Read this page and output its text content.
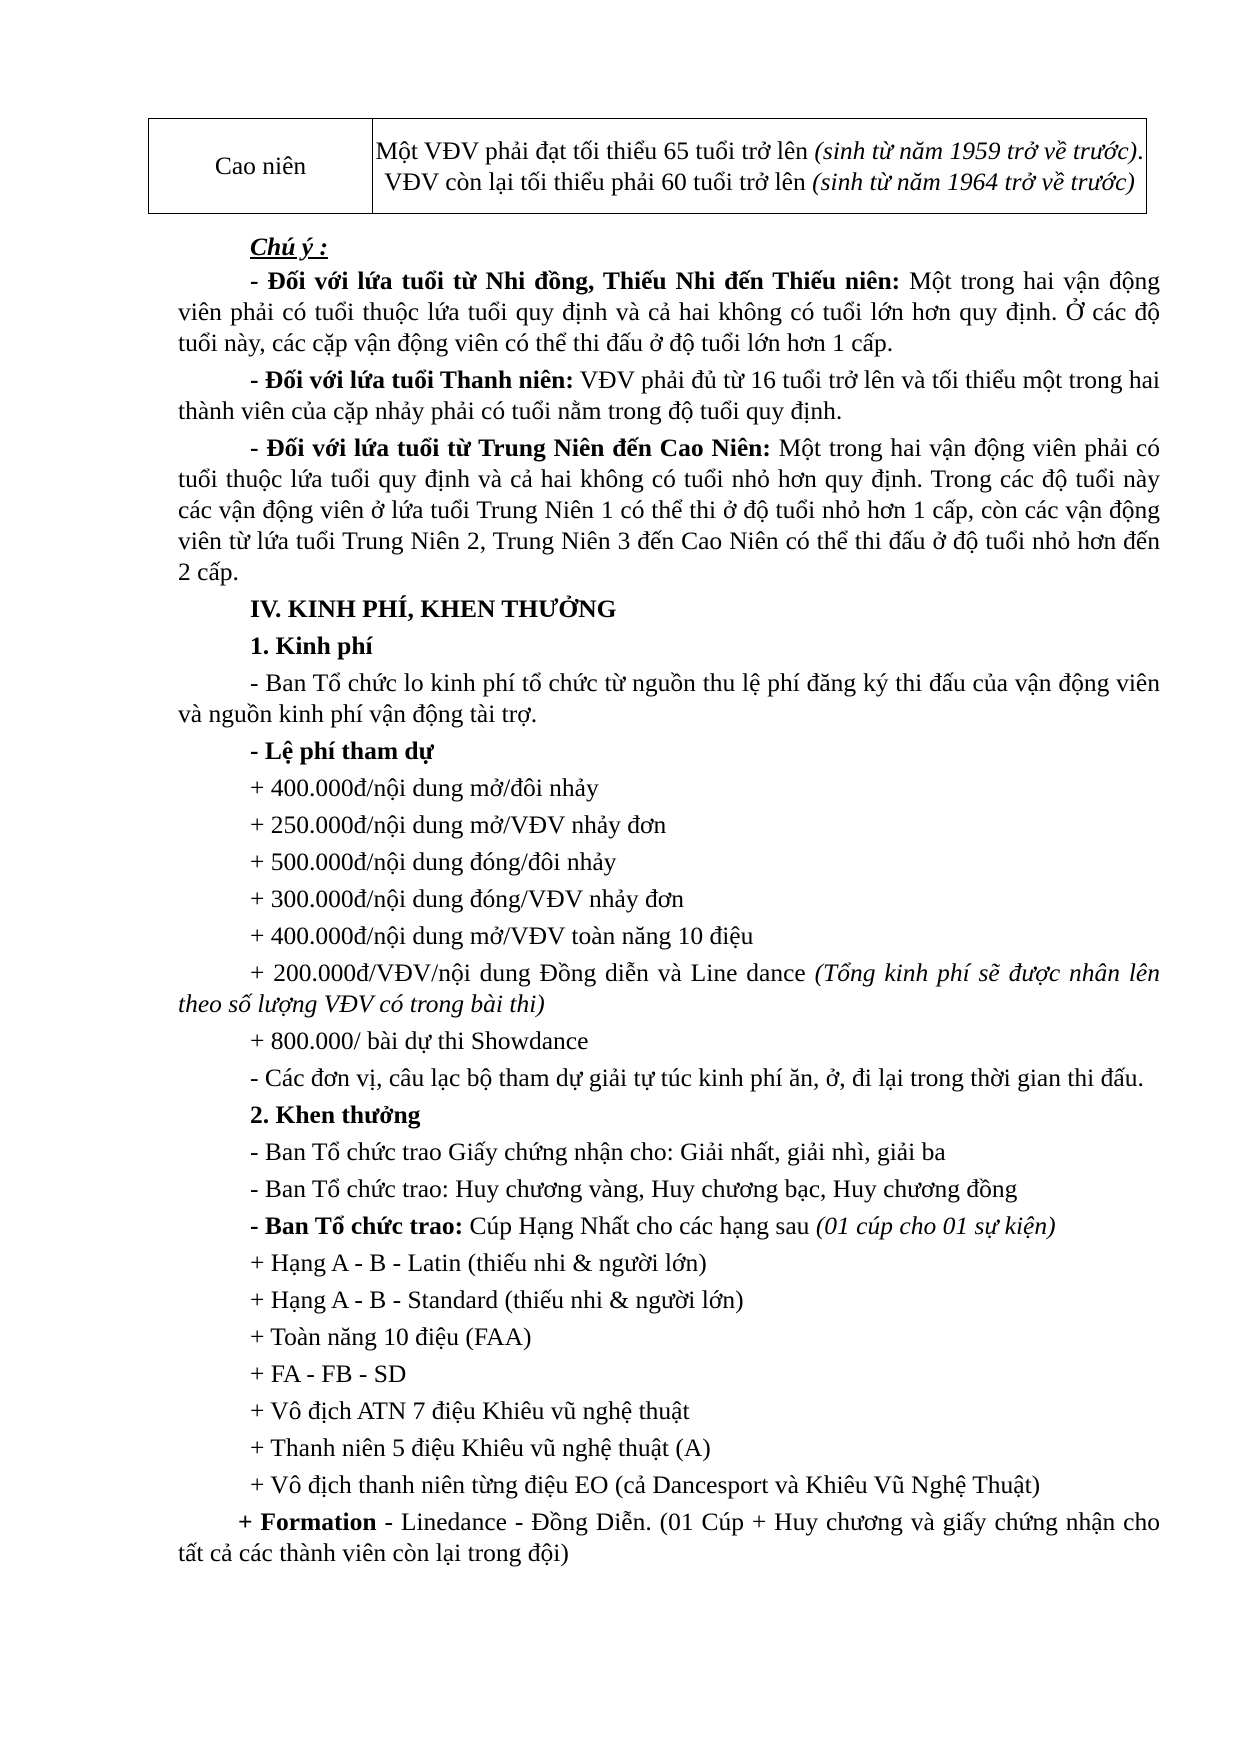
Cao niên	Một VĐV phải đạt tối thiểu 65 tuổi trở lên (sinh từ năm 1959 trở về trước). VĐV còn lại tối thiểu phải 60 tuổi trở lên (sinh từ năm 1964 trở về trước)

Chú ý :

- Đối với lứa tuổi từ Nhi đồng, Thiếu Nhi đến Thiếu niên: Một trong hai vận động viên phải có tuổi thuộc lứa tuổi quy định và cả hai không có tuổi lớn hơn quy định. Ở các độ tuổi này, các cặp vận động viên có thể thi đấu ở độ tuổi lớn hơn 1 cấp.

- Đối với lứa tuổi Thanh niên: VĐV phải đủ từ 16 tuổi trở lên và tối thiểu một trong hai thành viên của cặp nhảy phải có tuổi nằm trong độ tuổi quy định.

- Đối với lứa tuổi từ Trung Niên đến Cao Niên: Một trong hai vận động viên phải có tuổi thuộc lứa tuổi quy định và cả hai không có tuổi nhỏ hơn quy định. Trong các độ tuổi này các vận động viên ở lứa tuổi Trung Niên 1 có thể thi ở độ tuổi nhỏ hơn 1 cấp, còn các vận động viên từ lứa tuổi Trung Niên 2, Trung Niên 3 đến Cao Niên có thể thi đấu ở độ tuổi nhỏ hơn đến 2 cấp.

IV. KINH PHÍ, KHEN THƯỞNG

1. Kinh phí

- Ban Tổ chức lo kinh phí tổ chức từ nguồn thu lệ phí đăng ký thi đấu của vận động viên và nguồn kinh phí vận động tài trợ.

- Lệ phí tham dự

+ 400.000đ/nội dung mở/đôi nhảy

+ 250.000đ/nội dung mở/VĐV nhảy đơn

+ 500.000đ/nội dung đóng/đôi nhảy

+ 300.000đ/nội dung đóng/VĐV nhảy đơn

+ 400.000đ/nội dung mở/VĐV toàn năng 10 điệu

+ 200.000đ/VĐV/nội dung Đồng diễn và Line dance (Tổng kinh phí sẽ được nhân lên theo số lượng VĐV có trong bài thi)

+ 800.000/ bài dự thi Showdance

- Các đơn vị, câu lạc bộ tham dự giải tự túc kinh phí ăn, ở, đi lại trong thời gian thi đấu.

2. Khen thưởng

- Ban Tổ chức trao Giấy chứng nhận cho: Giải nhất, giải nhì, giải ba

- Ban Tổ chức trao: Huy chương vàng, Huy chương bạc, Huy chương đồng

- Ban Tổ chức trao: Cúp Hạng Nhất cho các hạng sau (01 cúp cho 01 sự kiện)

+ Hạng A - B - Latin (thiếu nhi & người lớn)

+ Hạng A - B - Standard (thiếu nhi & người lớn)

+ Toàn năng 10 điệu (FAA)

+ FA - FB - SD

+ Vô địch ATN 7 điệu Khiêu vũ nghệ thuật

+ Thanh niên 5 điệu Khiêu vũ nghệ thuật (A)

+ Vô địch thanh niên từng điệu EO (cả Dancesport và Khiêu Vũ Nghệ Thuật)

+ Formation - Linedance - Đồng Diễn. (01 Cúp + Huy chương và giấy chứng nhận cho tất cả các thành viên còn lại trong đội)
